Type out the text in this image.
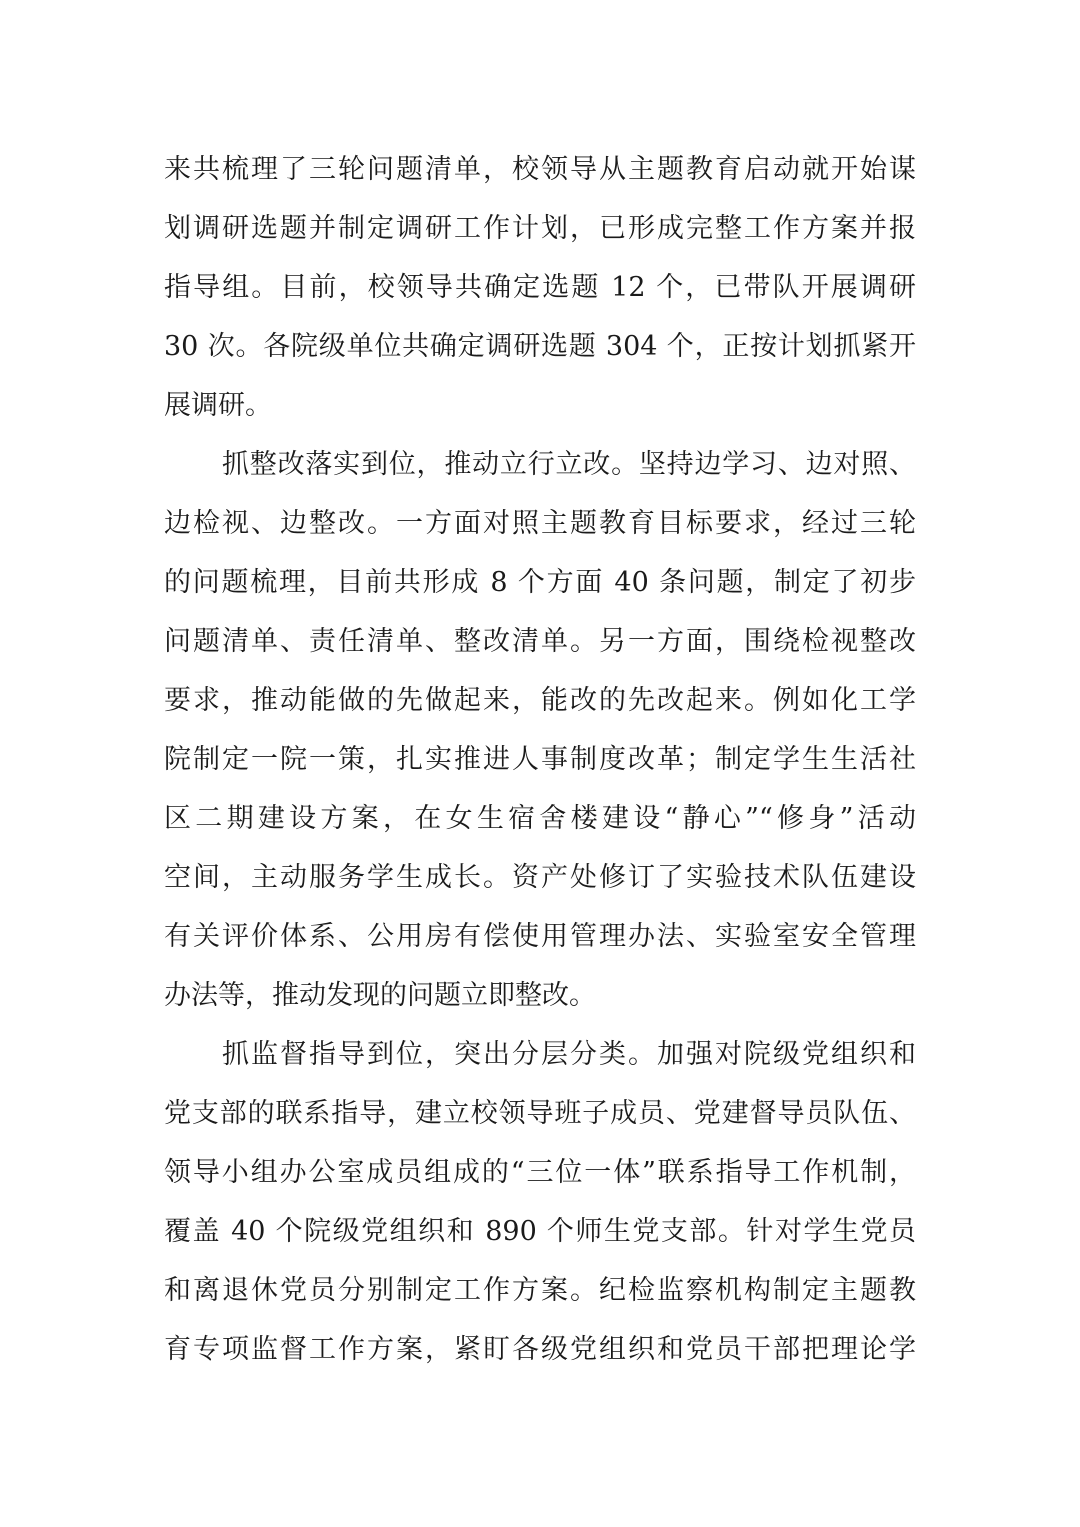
来共梳理了三轮问题清单，校领导从主题教育启动就开始谋
划调研选题并制定调研工作计划，已形成完整工作方案并报
指导组。目前，校领导共确定选题 12 个，已带队开展调研
30 次。各院级单位共确定调研选题 304 个，正按计划抓紧开
展调研。
抓整改落实到位，推动立行立改。坚持边学习、边对照、
边检视、边整改。一方面对照主题教育目标要求，经过三轮
的问题梳理，目前共形成 8 个方面 40 条问题，制定了初步
问题清单、责任清单、整改清单。另一方面，围绕检视整改
要求，推动能做的先做起来，能改的先改起来。例如化工学
院制定一院一策，扎实推进人事制度改革；制定学生生活社
区二期建设方案，在女生宿舍楼建设“静心”“修身”活动
空间，主动服务学生成长。资产处修订了实验技术队伍建设
有关评价体系、公用房有偿使用管理办法、实验室安全管理
办法等，推动发现的问题立即整改。
抓监督指导到位，突出分层分类。加强对院级党组织和
党支部的联系指导，建立校领导班子成员、党建督导员队伍、
领导小组办公室成员组成的“三位一体”联系指导工作机制，
覆盖 40 个院级党组织和 890 个师生党支部。针对学生党员
和离退休党员分别制定工作方案。纪检监察机构制定主题教
育专项监督工作方案，紧盯各级党组织和党员干部把理论学
